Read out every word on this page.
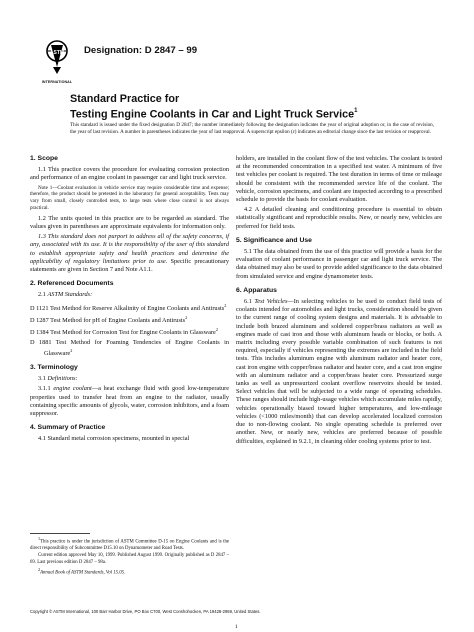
ASTM
INTERNATIONAL
Designation: D 2847 – 99
Standard Practice for
Testing Engine Coolants in Car and Light Truck Service$^1$
This standard is issued under the fixed designation D 2847; the number immediately following the designation indicates the year of original adoption or, in the case of revision, the year of last revision. A number in parentheses indicates the year of last reapproval. A superscript epsilon (ε) indicates an editorial change since the last revision or reapproval.

1. Scope

1.1 This practice covers the procedure for evaluating corrosion protection and performance of an engine coolant in passenger car and light truck service.

Note 1—Coolant evaluation in vehicle service may require considerable time and expense; therefore, the product should be pretested in the laboratory for general acceptability. Tests may vary from small, closely controlled tests, to large tests where close control is not always practical.

1.2 The units quoted in this practice are to be regarded as standard. The values given in parentheses are approximate equivalents for information only.

1.3 This standard does not purport to address all of the safety concerns, if any, associated with its use. It is the responsibility of the user of this standard to establish appropriate safety and health practices and determine the applicability of regulatory limitations prior to use. Specific precautionary statements are given in Section 7 and Note A1.1.

2. Referenced Documents

2.1 ASTM Standards:

D 1121 Test Method for Reserve Alkalinity of Engine Coolants and Antirusts$^2$

D 1287 Test Method for pH of Engine Coolants and Antirusts$^2$

D 1384 Test Method for Corrosion Test for Engine Coolants in Glassware$^2$

D 1881 Test Method for Foaming Tendencies of Engine Coolants in Glassware$^2$

3. Terminology

3.1 Definitions:

3.1.1 engine coolant—a heat exchange fluid with good low-temperature properties used to transfer heat from an engine to the radiator, usually containing specific amounts of glycols, water, corrosion inhibitors, and a foam suppressor.

4. Summary of Practice

4.1 Standard metal corrosion specimens, mounted in special

holders, are installed in the coolant flow of the test vehicles. The coolant is tested at the recommended concentration in a specified test water. A minimum of five test vehicles per coolant is required. The test duration in terms of time or mileage should be consistent with the recommended service life of the coolant. The vehicle, corrosion specimens, and coolant are inspected according to a prescribed schedule to provide the basis for coolant evaluation.

4.2 A detailed cleaning and conditioning procedure is essential to obtain statistically significant and reproducible results. New, or nearly new, vehicles are preferred for field tests.

5. Significance and Use

5.1 The data obtained from the use of this practice will provide a basis for the evaluation of coolant performance in passenger car and light truck service. The data obtained may also be used to provide added significance to the data obtained from simulated service and engine dynamometer tests.

6. Apparatus

6.1 Test Vehicles—In selecting vehicles to be used to conduct field tests of coolants intended for automobiles and light trucks, consideration should be given to the current range of cooling system designs and materials. It is advisable to include both brazed aluminum and soldered copper/brass radiators as well as engines made of cast iron and those with aluminum heads or blocks, or both. A matrix including every possible variable combination of such features is not required, especially if vehicles representing the extremes are included in the field tests. This includes aluminum engine with aluminum radiator and heater core, cast iron engine with copper/brass radiator and heater core, and a cast iron engine with an aluminum radiator and a copper/brass heater core. Pressurized surge tanks as well as unpressurized coolant overflow reservoirs should be tested. Select vehicles that will be subjected to a wide range of operating schedules. These ranges should include high-usage vehicles which accumulate miles rapidly, vehicles operationally biased toward higher temperatures, and low-mileage vehicles (<1000 miles/month) that can develop accelerated localized corrosion due to non-flowing coolant. No single operating schedule is preferred over another. New, or nearly new, vehicles are preferred because of possible difficulties, explained in 9.2.1, in cleaning older cooling systems prior to test.

$^1$This practice is under the jurisdiction of ASTM Committee D-15 on Engine Coolants and is the direct responsibility of Subcommittee D15.10 on Dynamometer and Road Tests.

Current edition approved May 10, 1999. Published August 1999. Originally published as D 2847 – 69. Last previous edition D 2847 – 98a.

$^2$Annual Book of ASTM Standards, Vol 15.05.

Copyright © ASTM International, 100 Barr Harbor Drive, PO Box C700, West Conshohocken, PA 19428-2959, United States.
1
